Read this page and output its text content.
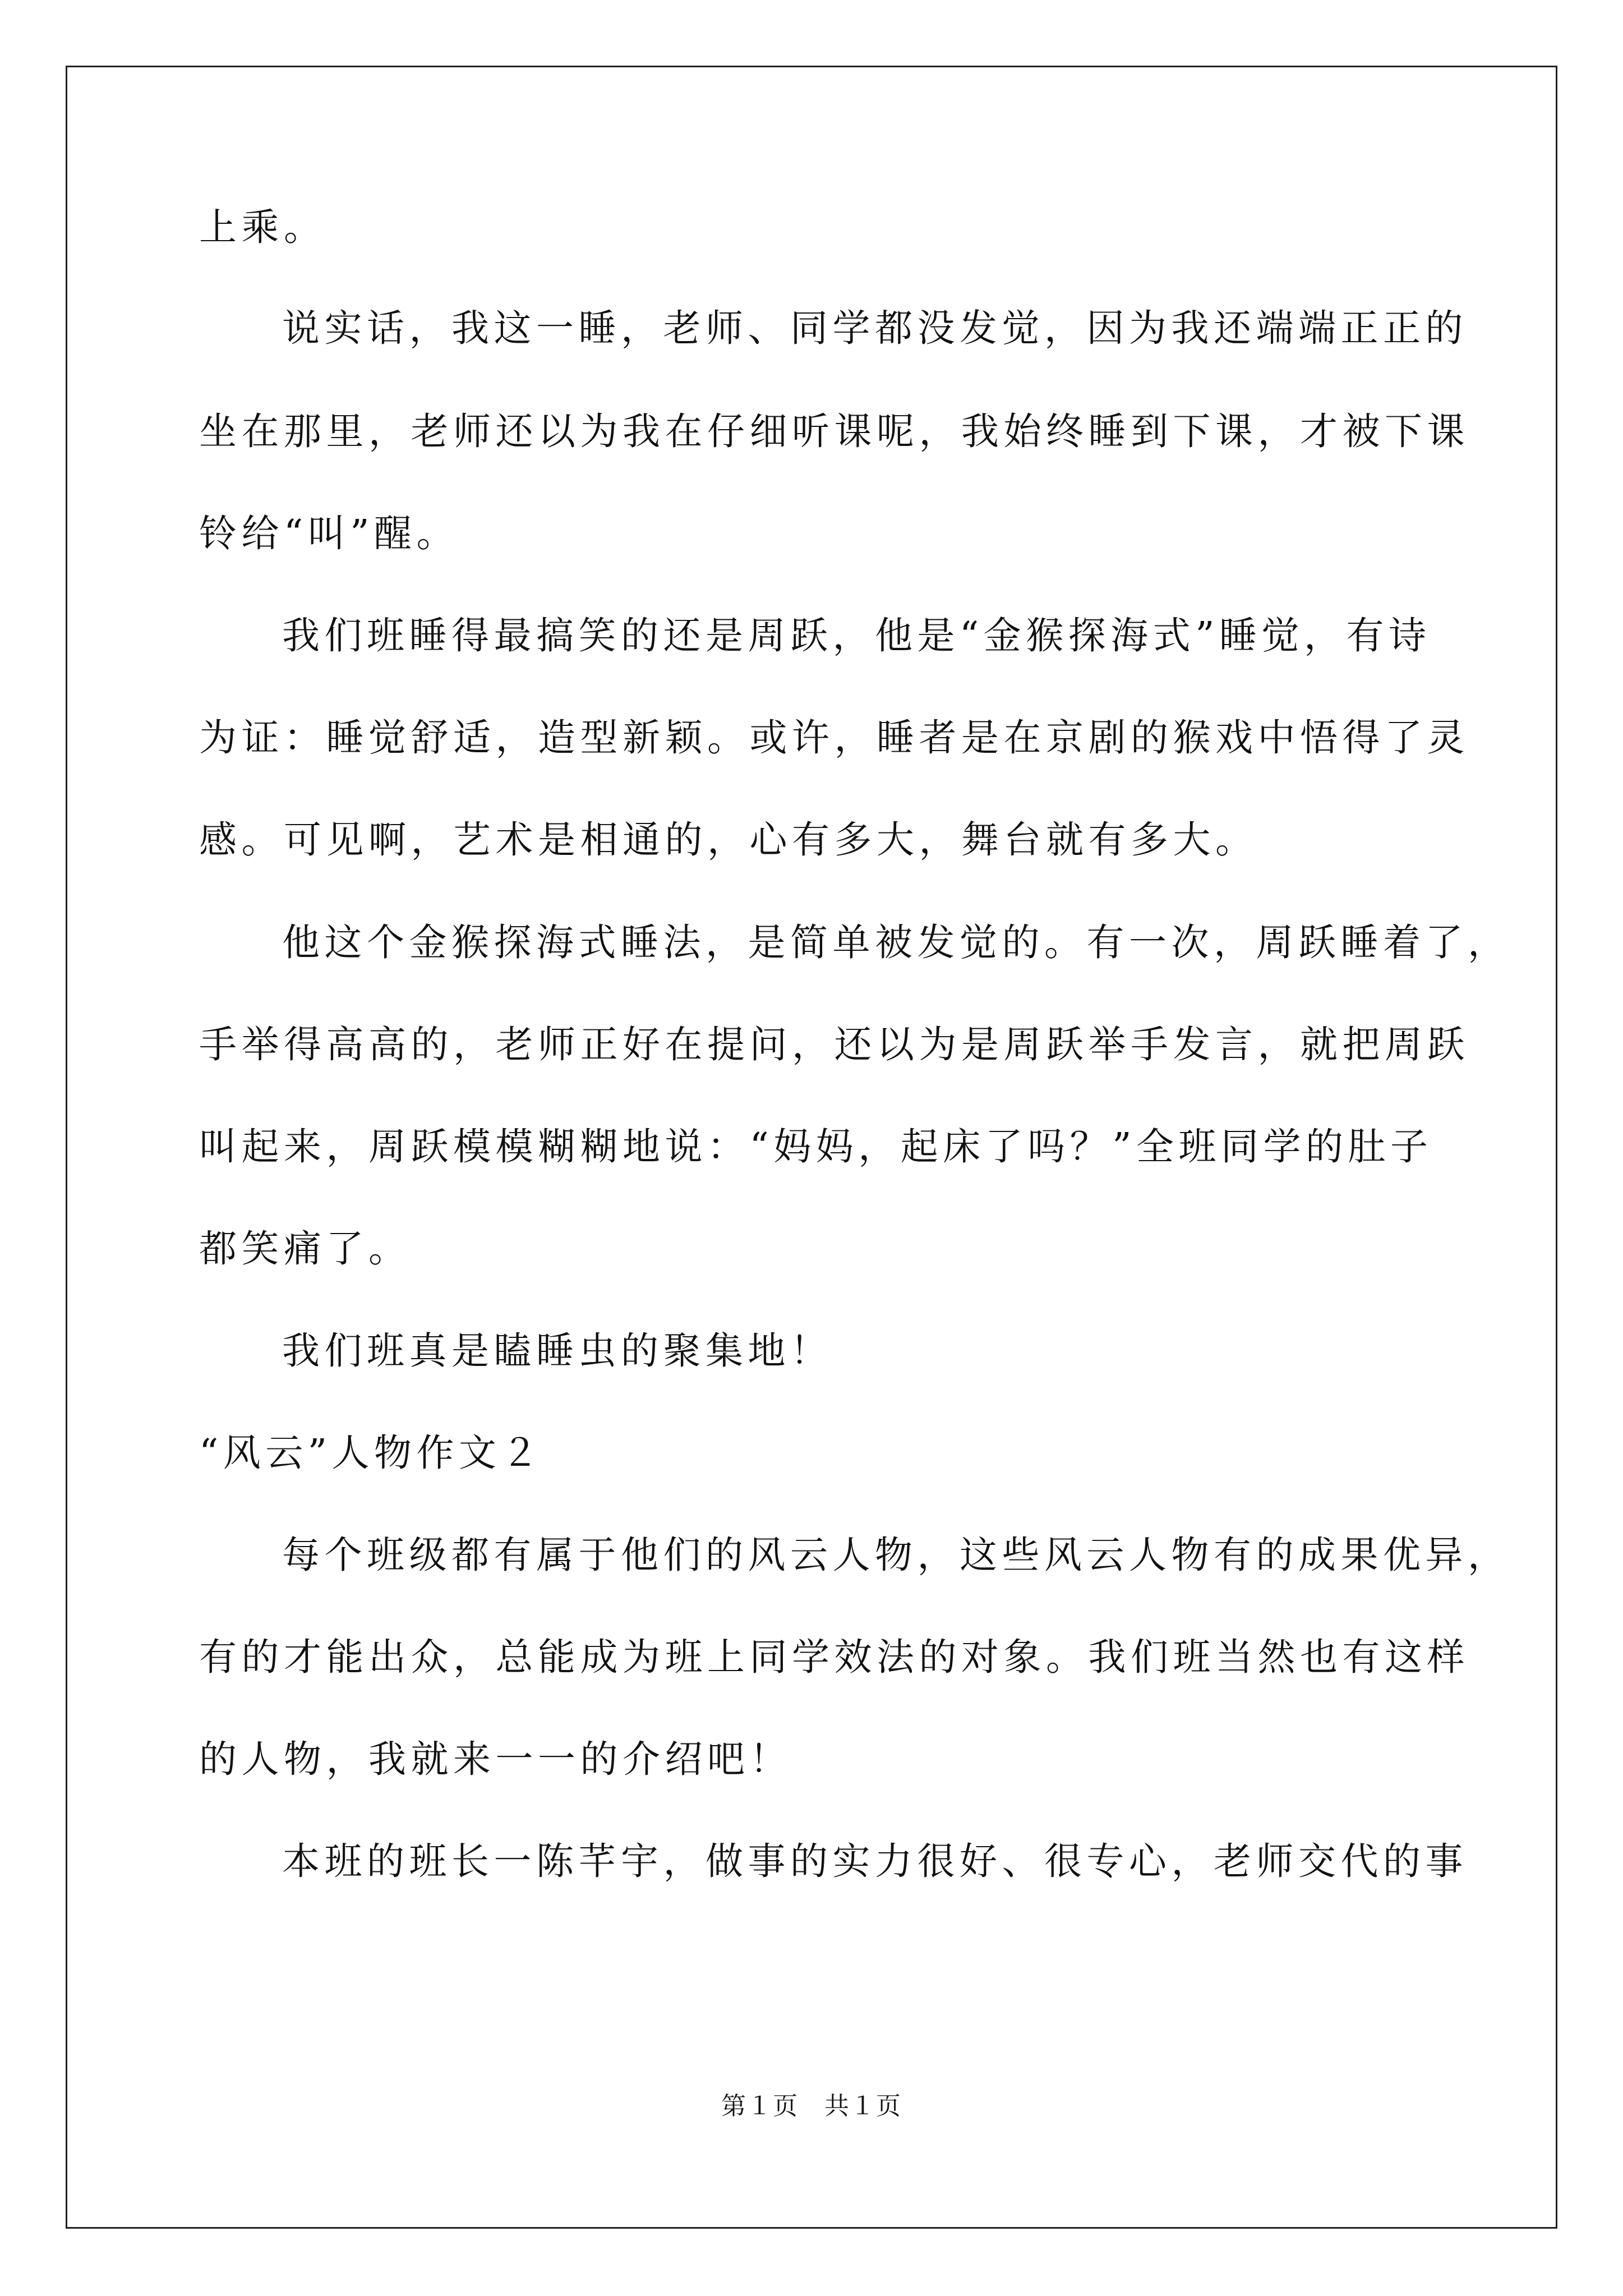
上乘。
说实话，我这一睡，老师、同学都没发觉，因为我还端端正正的
坐在那里，老师还以为我在仔细听课呢，我始终睡到下课，才被下课
铃给“叫”醒。
我们班睡得最搞笑的还是周跃，他是“金猴探海式”睡觉，有诗
为证：睡觉舒适，造型新颖。或许，睡者是在京剧的猴戏中悟得了灵
感。可见啊，艺术是相通的，心有多大，舞台就有多大。
他这个金猴探海式睡法，是简单被发觉的。有一次，周跃睡着了，
手举得高高的，老师正好在提问，还以为是周跃举手发言，就把周跃
叫起来，周跃模模糊糊地说：“妈妈，起床了吗？”全班同学的肚子
都笑痛了。
我们班真是瞌睡虫的聚集地！
“风云”人物作文２
每个班级都有属于他们的风云人物，这些风云人物有的成果优异，
有的才能出众，总能成为班上同学效法的对象。我们班当然也有这样
的人物，我就来一一的介绍吧！
本班的班长一陈芊宇，做事的实力很好、很专心，老师交代的事
第１页　共１页
